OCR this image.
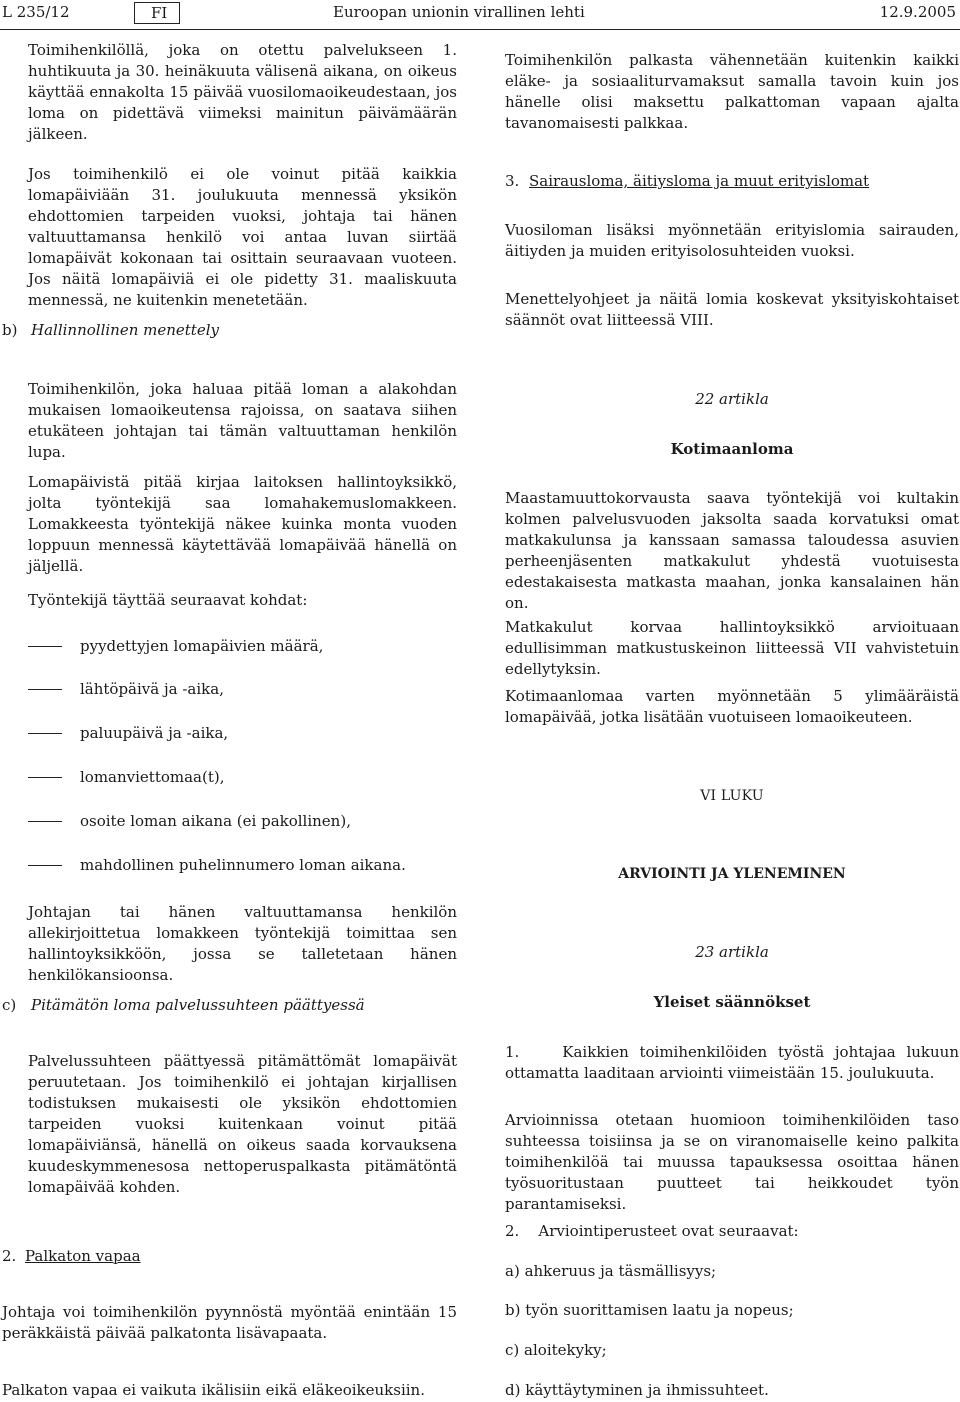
L 235/12	FI	Euroopan unionin virallinen lehti	12.9.2005

Toimihenkilöllä, joka on otettu palvelukseen 1. huhtikuuta ja 30. heinäkuuta välisenä aikana, on oikeus käyttää ennakolta 15 päivää vuosilomaoikeudestaan, jos loma on pidettävä viimeksi mainitun päivämäärän jälkeen.

Jos toimihenkilö ei ole voinut pitää kaikkia lomapäiviään 31. joulukuuta mennessä yksikön ehdottomien tarpeiden vuoksi, johtaja tai hänen valtuuttamansa henkilö voi antaa luvan siirtää lomapäivät kokonaan tai osittain seuraavaan vuoteen. Jos näitä lomapäiviä ei ole pidetty 31. maaliskuuta mennessä, ne kuitenkin menetetään.

b) Hallinnollinen menettely

Toimihenkilön, joka haluaa pitää loman a alakohdan mukaisen lomaoikeutensa rajoissa, on saatava siihen etukäteen johtajan tai tämän valtuuttaman henkilön lupa.

Lomapäivistä pitää kirjaa laitoksen hallintoyksikkö, jolta työntekijä saa lomahakemuslomakkeen. Lomakkeesta työntekijä näkee kuinka monta vuoden loppuun mennessä käytettävää lomapäivää hänellä on jäljellä.

Työntekijä täyttää seuraavat kohdat:

pyydettyjen lomapäivien määrä,
lähtöpäivä ja -aika,
paluupäivä ja -aika,
lomanviettomaa(t),
osoite loman aikana (ei pakollinen),
mahdollinen puhelinnumero loman aikana.

Johtajan tai hänen valtuuttamansa henkilön allekirjoittetua lomakkeen työntekijä toimittaa sen hallintoyksikköön, jossa se talletetaan hänen henkilökansioonsa.

c) Pitämätön loma palvelussuhteen päättyessä

Palvelussuhteen päättyessä pitämättömät lomapäivät peruutetaan. Jos toimihenkilö ei johtajan kirjallisen todistuksen mukaisesti ole yksikön ehdottomien tarpeiden vuoksi kuitenkaan voinut pitää lomapäiviänsä, hänellä on oikeus saada korvauksena kuudeskymmenesosa nettoperuspalkasta pitämätöntä lomapäivää kohden.

2. Palkaton vapaa

Johtaja voi toimihenkilön pyynnöstä myöntää enintään 15 peräkkäistä päivää palkatonta lisävapaata.

Palkaton vapaa ei vaikuta ikälisiin eikä eläkeoikeuksiin.

Toimihenkilön palkasta vähennetään kuitenkin kaikki eläke- ja sosiaaliturvamaksut samalla tavoin kuin jos hänelle olisi maksettu palkattoman vapaan ajalta tavanomaisesti palkkaa.

3. Sairausloma, äitiysloma ja muut erityislomat

Vuosiloman lisäksi myönnetään erityislomia sairauden, äitiyden ja muiden erityisolosuhteiden vuoksi.

Menettelyohjeet ja näitä lomia koskevat yksityiskohtaiset säännöt ovat liitteessä VIII.

22 artikla
Kotimaanloma

Maastamuuttokorvausta saava työntekijä voi kultakin kolmen palvelusvuoden jaksolta saada korvatuksi omat matkakulunsa ja kanssaan samassa taloudessa asuvien perheenjäsenten matkakulut yhdestä vuotuisesta edestakaisesta matkasta maahan, jonka kansalainen hän on.

Matkakulut korvaa hallintoyksikkö arvioituaan edullisimman matkustuskeinon liitteessä VII vahvistetuin edellytyksin.

Kotimaanlomaa varten myönnetään 5 ylimääräistä lomapäivää, jotka lisätään vuotuiseen lomaoikeuteen.

VI LUKU
ARVIOINTI JA YLENEMINEN
23 artikla
Yleiset säännökset

1.	Kaikkien toimihenkilöiden työstä johtajaa lukuun ottamatta laaditaan arviointi viimeistään 15. joulukuuta.

Arvioinnissa otetaan huomioon toimihenkilöiden taso suhteessa toisiinsa ja se on viranomaiselle keino palkita toimihenkilöä tai muussa tapauksessa osoittaa hänen työsuoritustaan puutteet tai heikkoudet työn parantamiseksi.

2. Arviointiperusteet ovat seuraavat:

a) ahkeruus ja täsmällisyys;
b) työn suorittamisen laatu ja nopeus;
c) aloitekyky;
d) käyttäytyminen ja ihmissuhteet.
